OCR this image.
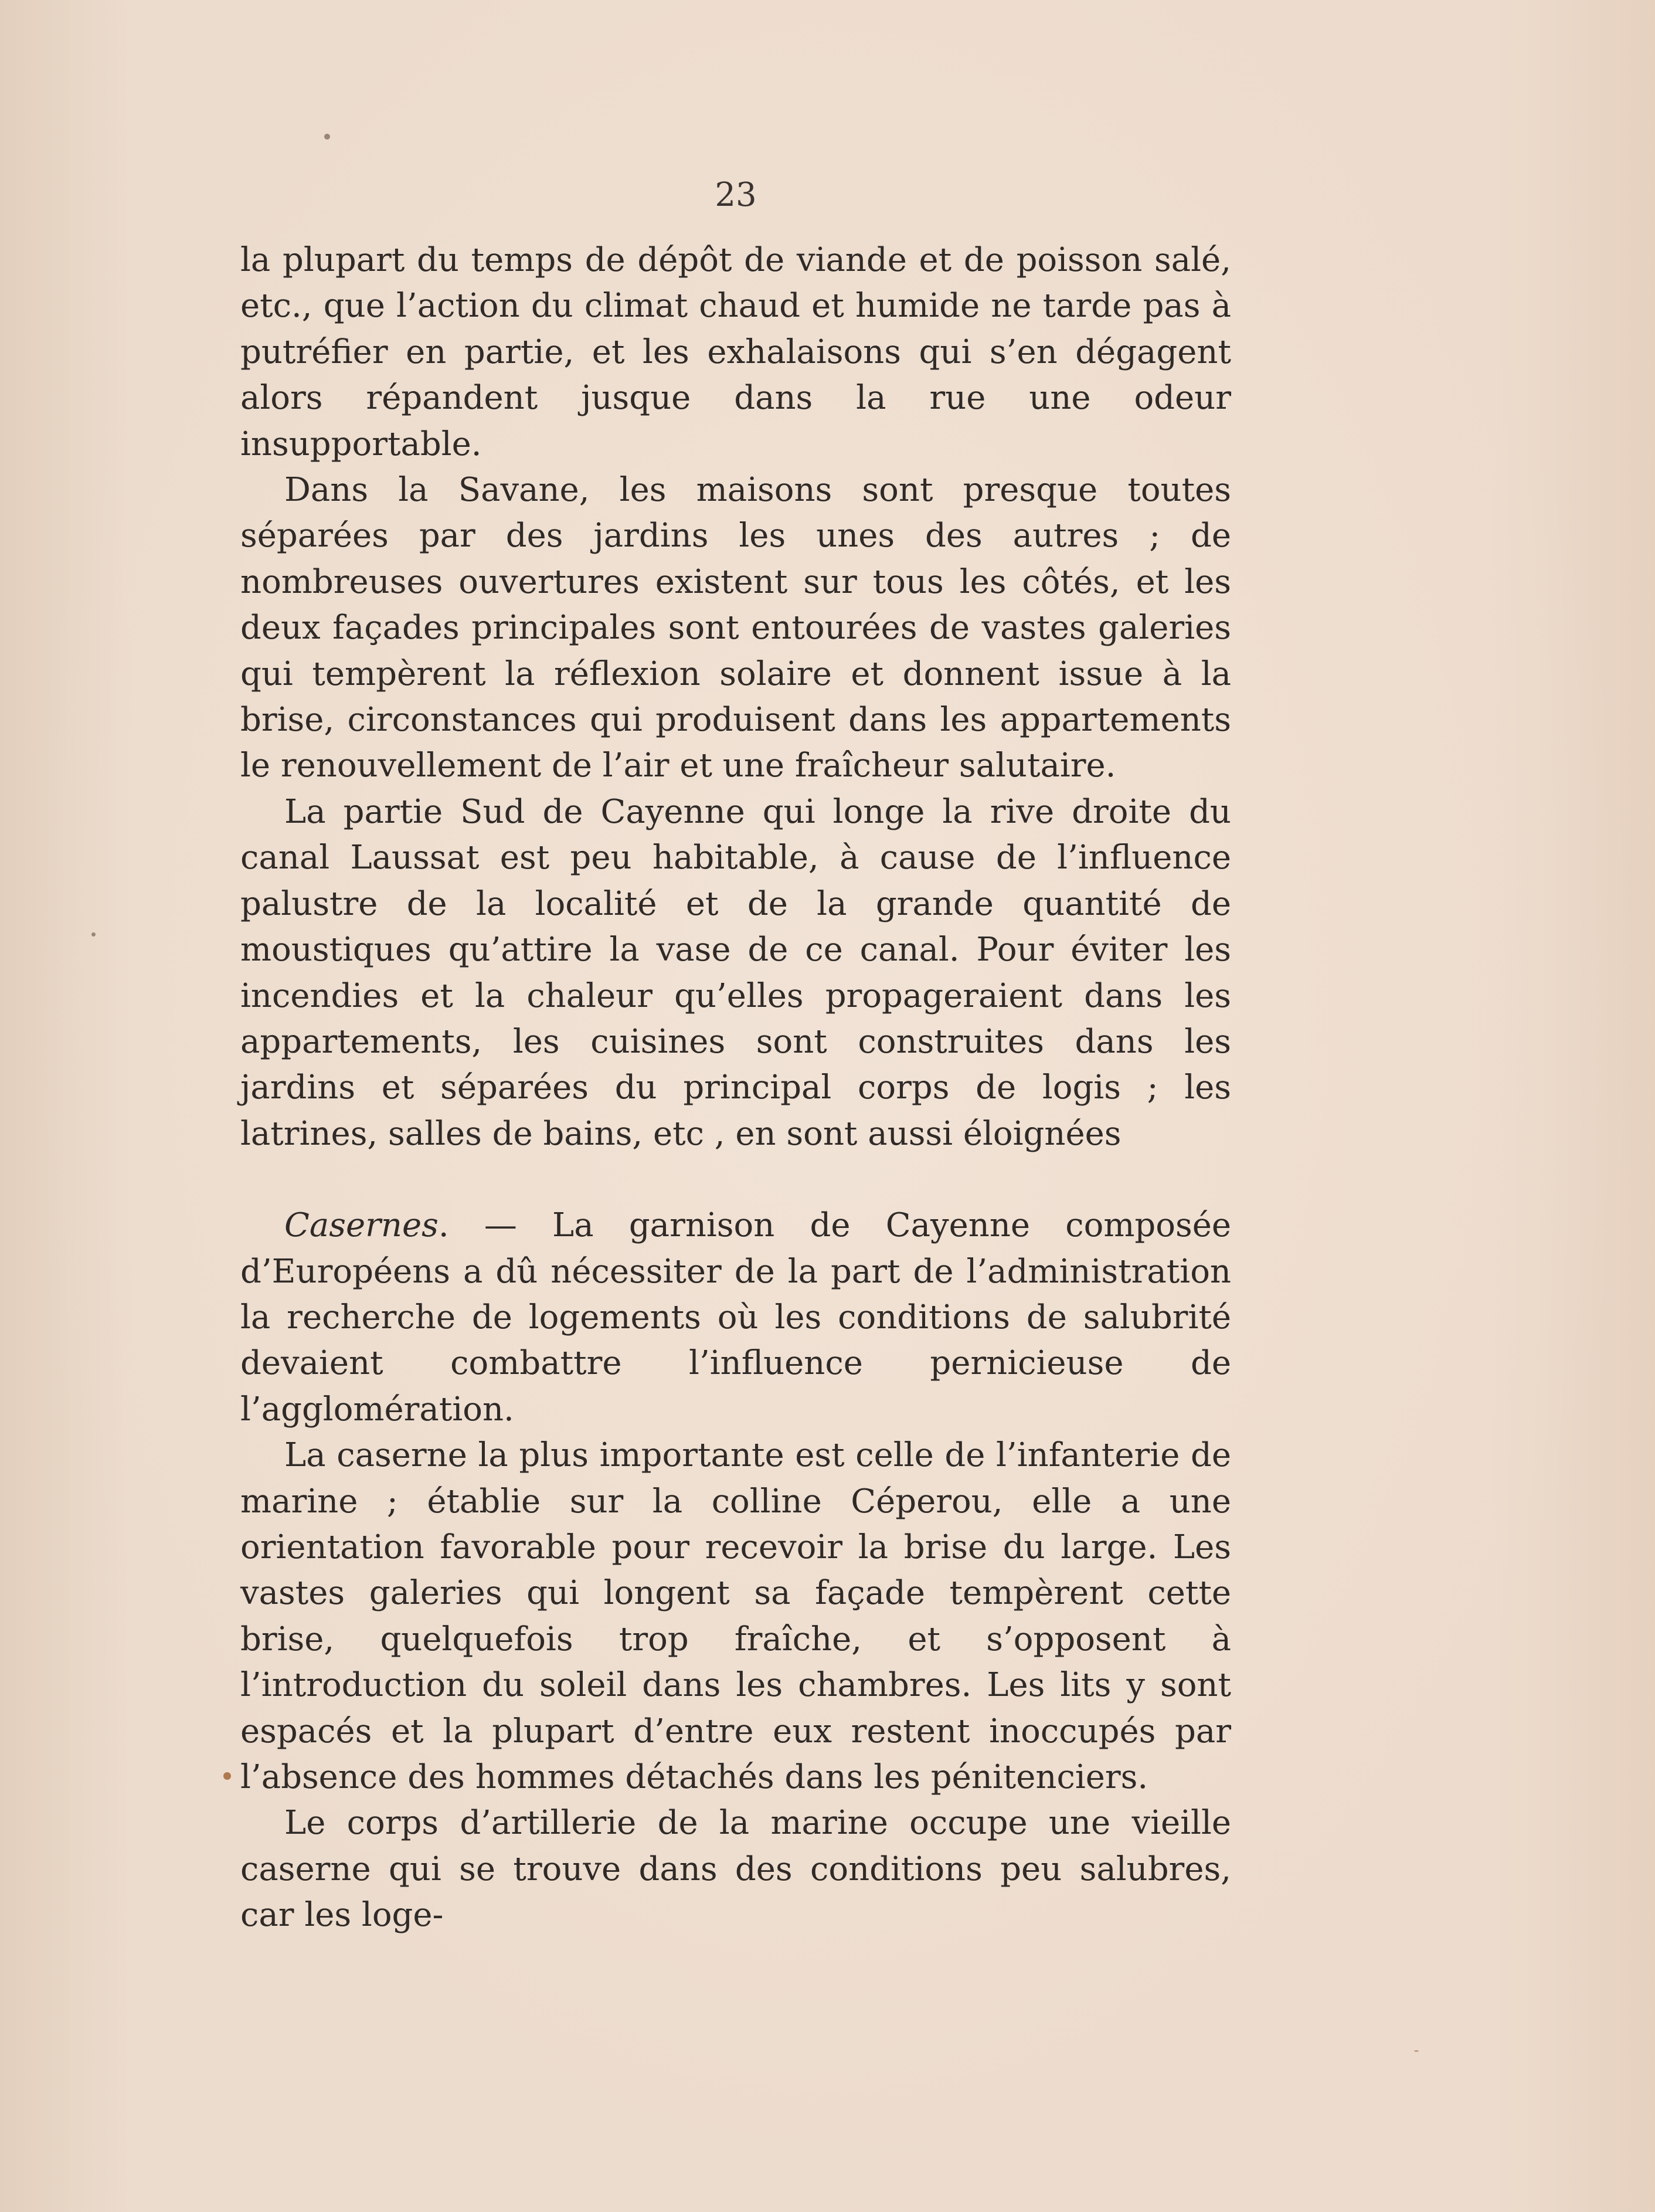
23

la plupart du temps de dépôt de viande et de poisson salé, etc., que l’action du climat chaud et humide ne tarde pas à putréfier en partie, et les exhalaisons qui s’en dégagent alors répandent jusque dans la rue une odeur insupportable.

Dans la Savane, les maisons sont presque toutes séparées par des jardins les unes des autres ; de nombreuses ouvertures existent sur tous les côtés, et les deux façades principales sont entourées de vastes galeries qui tempèrent la réflexion solaire et donnent issue à la brise, circonstances qui produisent dans les appartements le renouvellement de l’air et une fraîcheur salutaire.

La partie Sud de Cayenne qui longe la rive droite du canal Laussat est peu habitable, à cause de l’influence palustre de la localité et de la grande quantité de moustiques qu’attire la vase de ce canal. Pour éviter les incendies et la chaleur qu’elles propageraient dans les appartements, les cuisines sont construites dans les jardins et séparées du principal corps de logis ; les latrines, salles de bains, etc , en sont aussi éloignées

Casernes. — La garnison de Cayenne composée d’Européens a dû nécessiter de la part de l’administration la recherche de logements où les conditions de salubrité devaient combattre l’influence pernicieuse de l’agglomération.

La caserne la plus importante est celle de l’infanterie de marine ; établie sur la colline Céperou, elle a une orientation favorable pour recevoir la brise du large. Les vastes galeries qui longent sa façade tempèrent cette brise, quelquefois trop fraîche, et s’opposent à l’introduction du soleil dans les chambres. Les lits y sont espacés et la plupart d’entre eux restent inoccupés par l’absence des hommes détachés dans les pénitenciers.

Le corps d’artillerie de la marine occupe une vieille caserne qui se trouve dans des conditions peu salubres, car les loge-
